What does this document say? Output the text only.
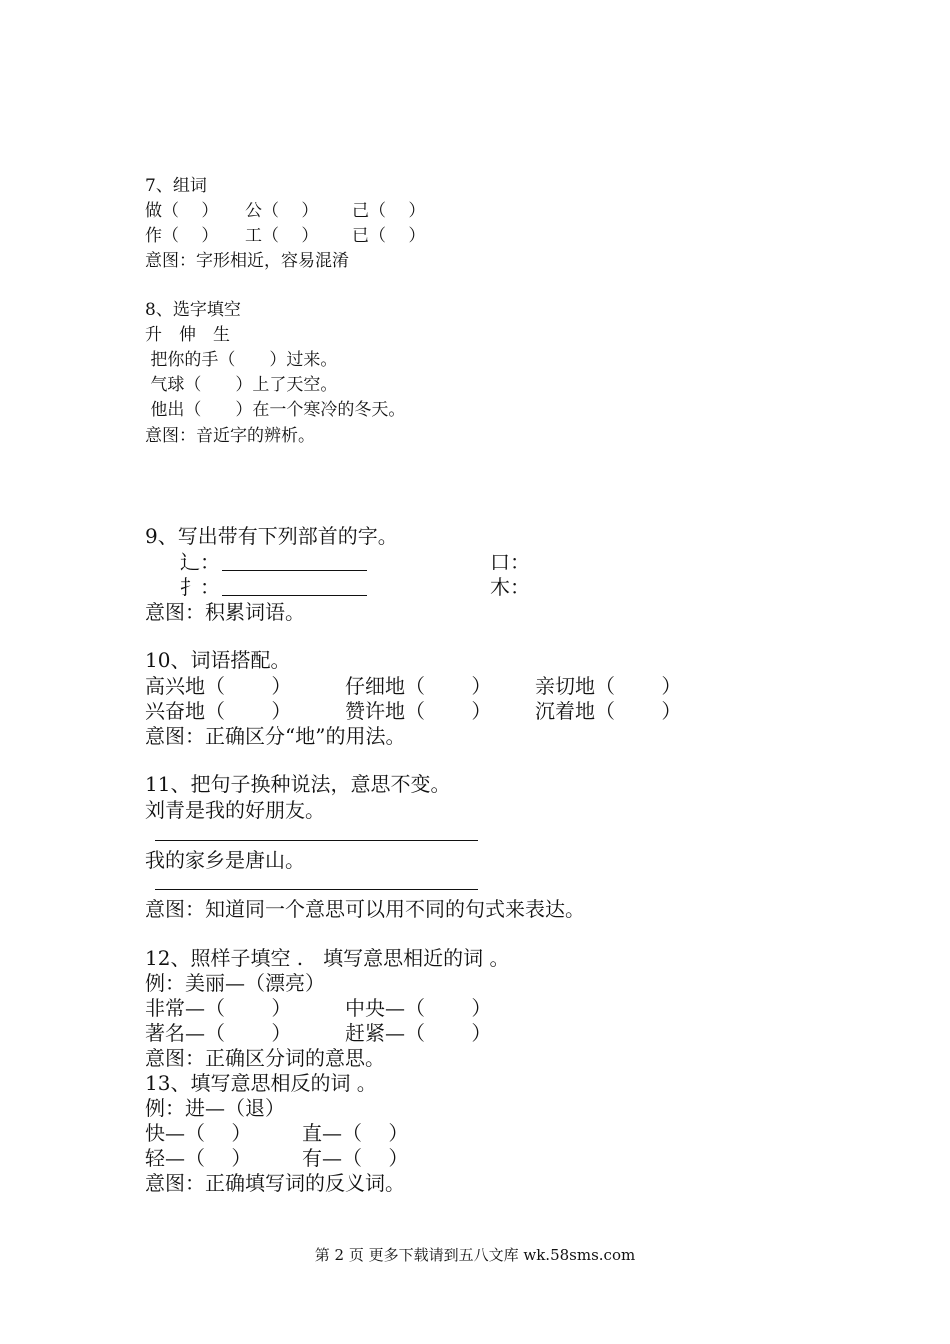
7、组词
做（　 ） 公（　 ） 己（　 ）
作（　 ） 工（　 ） 已（　 ）
意图：字形相近，容易混淆
8、选字填空
升　伸　生
把你的手（　　）过来。
气球（　　）上了天空。
他出（　　）在一个寒冷的冬天。
意图：音近字的辨析。
9、写出带有下列部首的字。
辶：	口：
扌：	木：
意图：积累词语。
10、词语搭配。
高兴地（　　 ）	仔细地（　　 ） 亲切地（　　 ）
兴奋地（　　 ）	赞许地（　　 ） 沉着地（　　 ）
意图：正确区分“地”的用法。
11、把句子换种说法，意思不变。
刘青是我的好朋友。
我的家乡是唐山。
意图：知道同一个意思可以用不同的句式来表达。
12、照样子填空 .　填写意思相近的词 。
例：美丽—（漂亮）
非常—（　　 ）	中央—（　　 ）
著名—（　　 ）	赶紧—（　　 ）
意图：正确区分词的意思。
13、填写意思相反的词 。
例：进—（退）
快—（　 ）	直—（　 ）
轻—（　 ）	有—（　 ）
意图：正确填写词的反义词。
第 2 页 更多下载请到五八文库 wk.58sms.com
